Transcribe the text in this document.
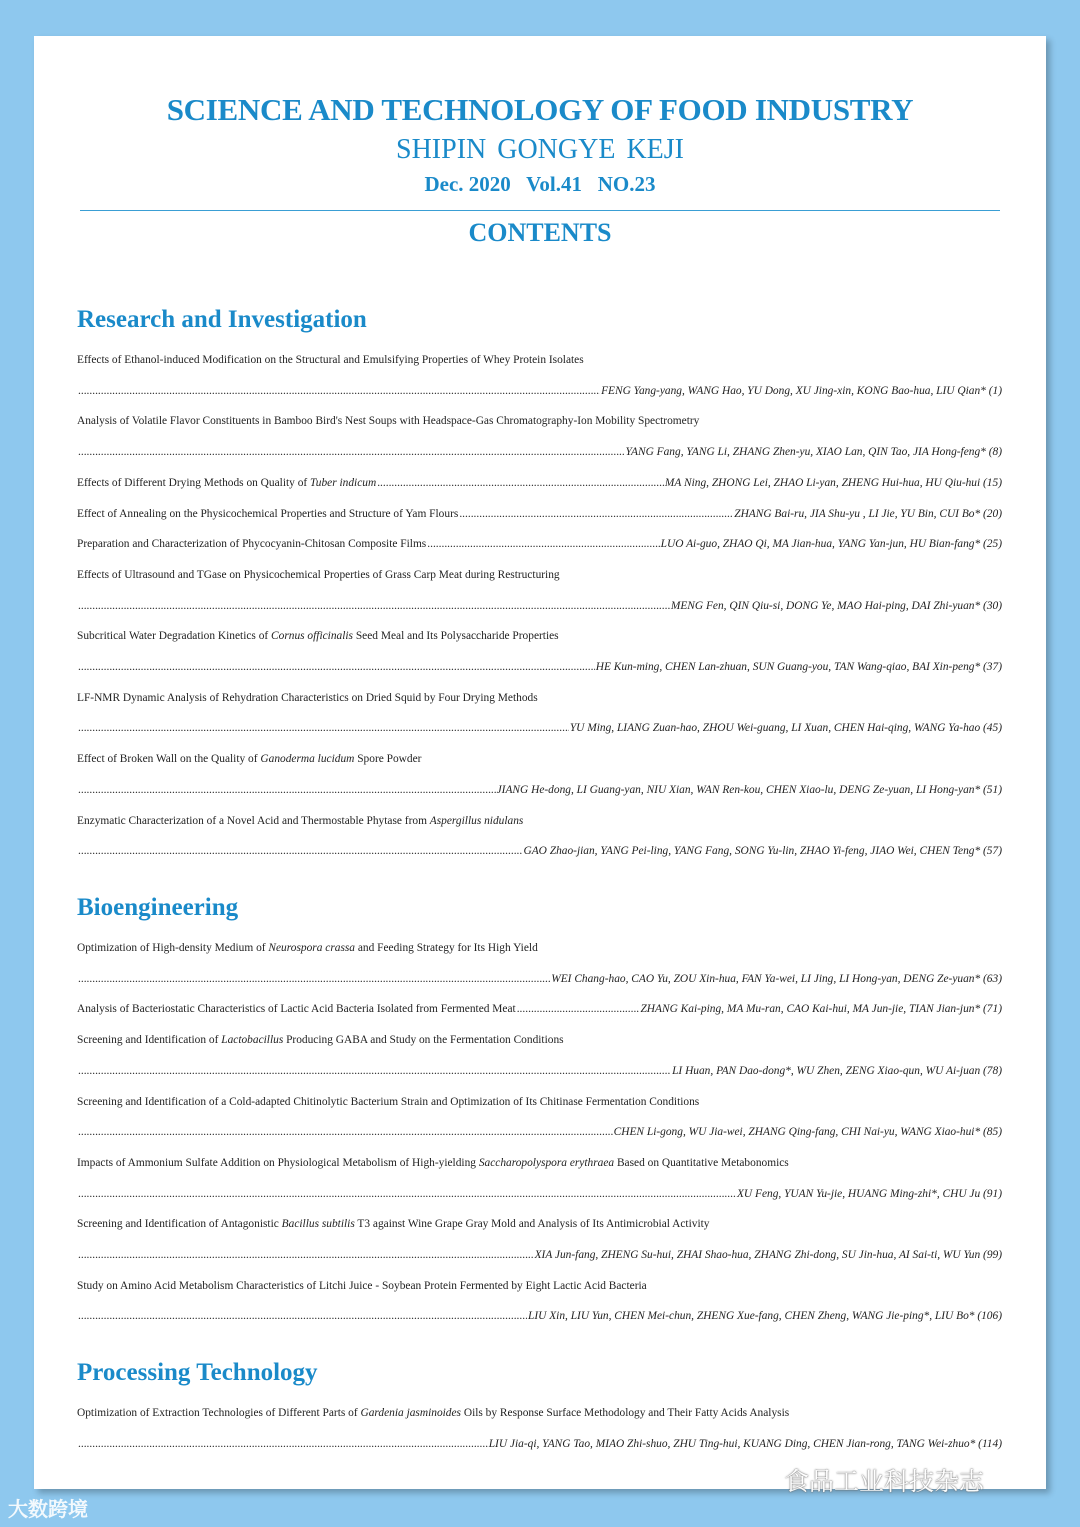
SCIENCE AND TECHNOLOGY OF FOOD INDUSTRY
SHIPIN GONGYE KEJI
Dec. 2020   Vol.41   NO.23
CONTENTS
Research and Investigation
Effects of Ethanol-induced Modification on the Structural and Emulsifying Properties of Whey Protein Isolates
.....
FENG Yang-yang, WANG Hao, YU Dong, XU Jing-xin, KONG Bao-hua, LIU Qian* (1)
Analysis of Volatile Flavor Constituents in Bamboo Bird's Nest Soups with Headspace-Gas Chromatography-Ion Mobility Spectrometry
.....
YANG Fang, YANG Li, ZHANG Zhen-yu, XIAO Lan, QIN Tao, JIA Hong-feng* (8)
Effects of Different Drying Methods on Quality of Tuber indicum .....	MA Ning, ZHONG Lei, ZHAO Li-yan, ZHENG Hui-hua, HU Qiu-hui (15)
Effect of Annealing on the Physicochemical Properties and Structure of Yam Flours .....	ZHANG Bai-ru, JIA Shu-yu , LI Jie, YU Bin, CUI Bo* (20)
Preparation and Characterization of Phycocyanin-Chitosan Composite Films .....	LUO Ai-guo, ZHAO Qi, MA Jian-hua, YANG Yan-jun, HU Bian-fang* (25)
Effects of Ultrasound and TGase on Physicochemical Properties of Grass Carp Meat during Restructuring
.....
MENG Fen, QIN Qiu-si, DONG Ye, MAO Hai-ping, DAI Zhi-yuan* (30)
Subcritical Water Degradation Kinetics of Cornus officinalis Seed Meal and Its Polysaccharide Properties
.....
HE Kun-ming, CHEN Lan-zhuan, SUN Guang-you, TAN Wang-qiao, BAI Xin-peng* (37)
LF-NMR Dynamic Analysis of Rehydration Characteristics on Dried Squid by Four Drying Methods
.....
YU Ming, LIANG Zuan-hao, ZHOU Wei-guang, LI Xuan, CHEN Hai-qing, WANG Ya-hao (45)
Effect of Broken Wall on the Quality of Ganoderma lucidum Spore Powder
.....
JIANG He-dong, LI Guang-yan, NIU Xian, WAN Ren-kou, CHEN Xiao-lu, DENG Ze-yuan, LI Hong-yan* (51)
Enzymatic Characterization of a Novel Acid and Thermostable Phytase from Aspergillus nidulans
.....
GAO Zhao-jian, YANG Pei-ling, YANG Fang, SONG Yu-lin, ZHAO Yi-feng, JIAO Wei, CHEN Teng* (57)
Bioengineering
Optimization of High-density Medium of Neurospora crassa and Feeding Strategy for Its High Yield
.....
WEI Chang-hao, CAO Yu, ZOU Xin-hua, FAN Ya-wei, LI Jing, LI Hong-yan, DENG Ze-yuan* (63)
Analysis of Bacteriostatic Characteristics of Lactic Acid Bacteria Isolated from Fermented Meat .....	ZHANG Kai-ping, MA Mu-ran, CAO Kai-hui, MA Jun-jie, TIAN Jian-jun* (71)
Screening and Identification of Lactobacillus Producing GABA and Study on the Fermentation Conditions
.....
LI Huan, PAN Dao-dong*, WU Zhen, ZENG Xiao-qun, WU Ai-juan (78)
Screening and Identification of a Cold-adapted Chitinolytic Bacterium Strain and Optimization of Its Chitinase Fermentation Conditions
.....
CHEN Li-gong, WU Jia-wei, ZHANG Qing-fang, CHI Nai-yu, WANG Xiao-hui* (85)
Impacts of Ammonium Sulfate Addition on Physiological Metabolism of High-yielding Saccharopolyspora erythraea Based on Quantitative Metabonomics
.....
XU Feng, YUAN Yu-jie, HUANG Ming-zhi*, CHU Ju (91)
Screening and Identification of Antagonistic Bacillus subtilis T3 against Wine Grape Gray Mold and Analysis of Its Antimicrobial Activity
.....
XIA Jun-fang, ZHENG Su-hui, ZHAI Shao-hua, ZHANG Zhi-dong, SU Jin-hua, AI Sai-ti, WU Yun (99)
Study on Amino Acid Metabolism Characteristics of Litchi Juice - Soybean Protein Fermented by Eight Lactic Acid Bacteria
.....
LIU Xin, LIU Yun, CHEN Mei-chun, ZHENG Xue-fang, CHEN Zheng, WANG Jie-ping*, LIU Bo* (106)
Processing Technology
Optimization of Extraction Technologies of Different Parts of Gardenia jasminoides Oils by Response Surface Methodology and Their Fatty Acids Analysis
.....
LIU Jia-qi, YANG Tao, MIAO Zhi-shuo, ZHU Ting-hui, KUANG Ding, CHEN Jian-rong, TANG Wei-zhuo* (114)
大数跨境
食品工业科技杂志
